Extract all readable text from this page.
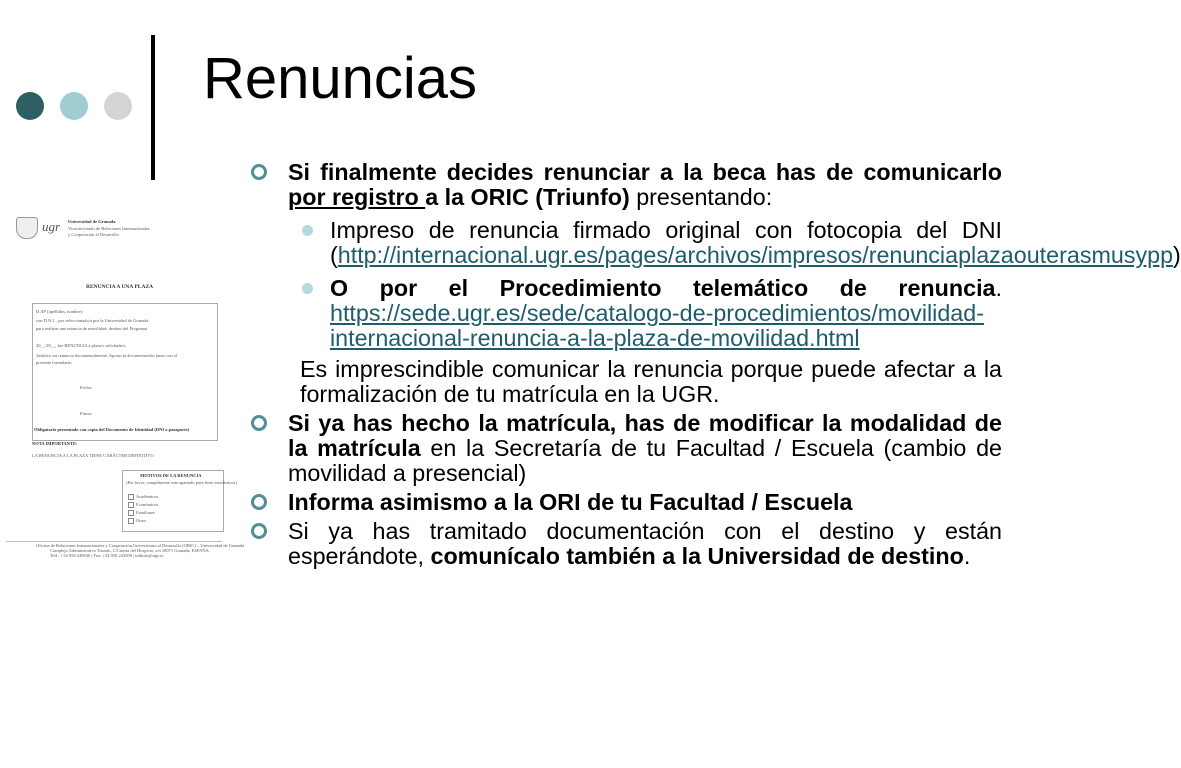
Renuncias
ugr Universidad de Granada
Vicerrectorado de Relaciones Internacionales
y Cooperación al Desarrollo
RENUNCIA A UNA PLAZA
D./Dª (apellidos, nombre)
con D.N.I. , por seleccionado/a por la Universidad de Granada
para realizar una estancia de movilidad; destino del Programa
20__/20__, fue RENUNCIA a plaza/s solicitada/s.
Justifico mi renuncia documentalmente. Aporto la documentación junto con el
presente formulario.
Fecha:
Firma:
Obligatorio presentado con copia del Documento de Identidad (DNI o pasaporte)
NOTA IMPORTANTE:
LA RENUNCIA A LA PLAZA TIENE CARÁCTER DEFINITIVO
MOTIVOS DE LA RENUNCIA
(Por favor, cumplimente este apartado para fines estadísticos)
Académicos
Económicos
Familiares
Otros
Oficina de Relaciones Internacionales y Cooperación Universitaria al Desarrollo (ORIC) – Universidad de Granada
Complejo Administrativo Triunfo, C/Cuesta del Hospicio, s/n 18071 Granada, ESPAÑA
Telf.: +34 958 249030 | Fax: +34 958 243009 | intlinfo@ugr.es

Si finalmente decides renunciar a la beca has de comunicarlo por registro a la ORIC (Triunfo) presentando:

Impreso de renuncia firmado original con fotocopia del DNI (http://internacional.ugr.es/pages/archivos/impresos/renunciaplazaouterasmusypp)

O por el Procedimiento telemático de renuncia. https://sede.ugr.es/sede/catalogo-de-procedimientos/movilidad-internacional-renuncia-a-la-plaza-de-movilidad.html

Es imprescindible comunicar la renuncia porque puede afectar a la formalización de tu matrícula en la UGR.

Si ya has hecho la matrícula, has de modificar la modalidad de la matrícula en la Secretaría de tu Facultad / Escuela (cambio de movilidad a presencial)

Informa asimismo a la ORI de tu Facultad / Escuela

Si ya has tramitado documentación con el destino y están esperándote, comunícalo también a la Universidad de destino.
